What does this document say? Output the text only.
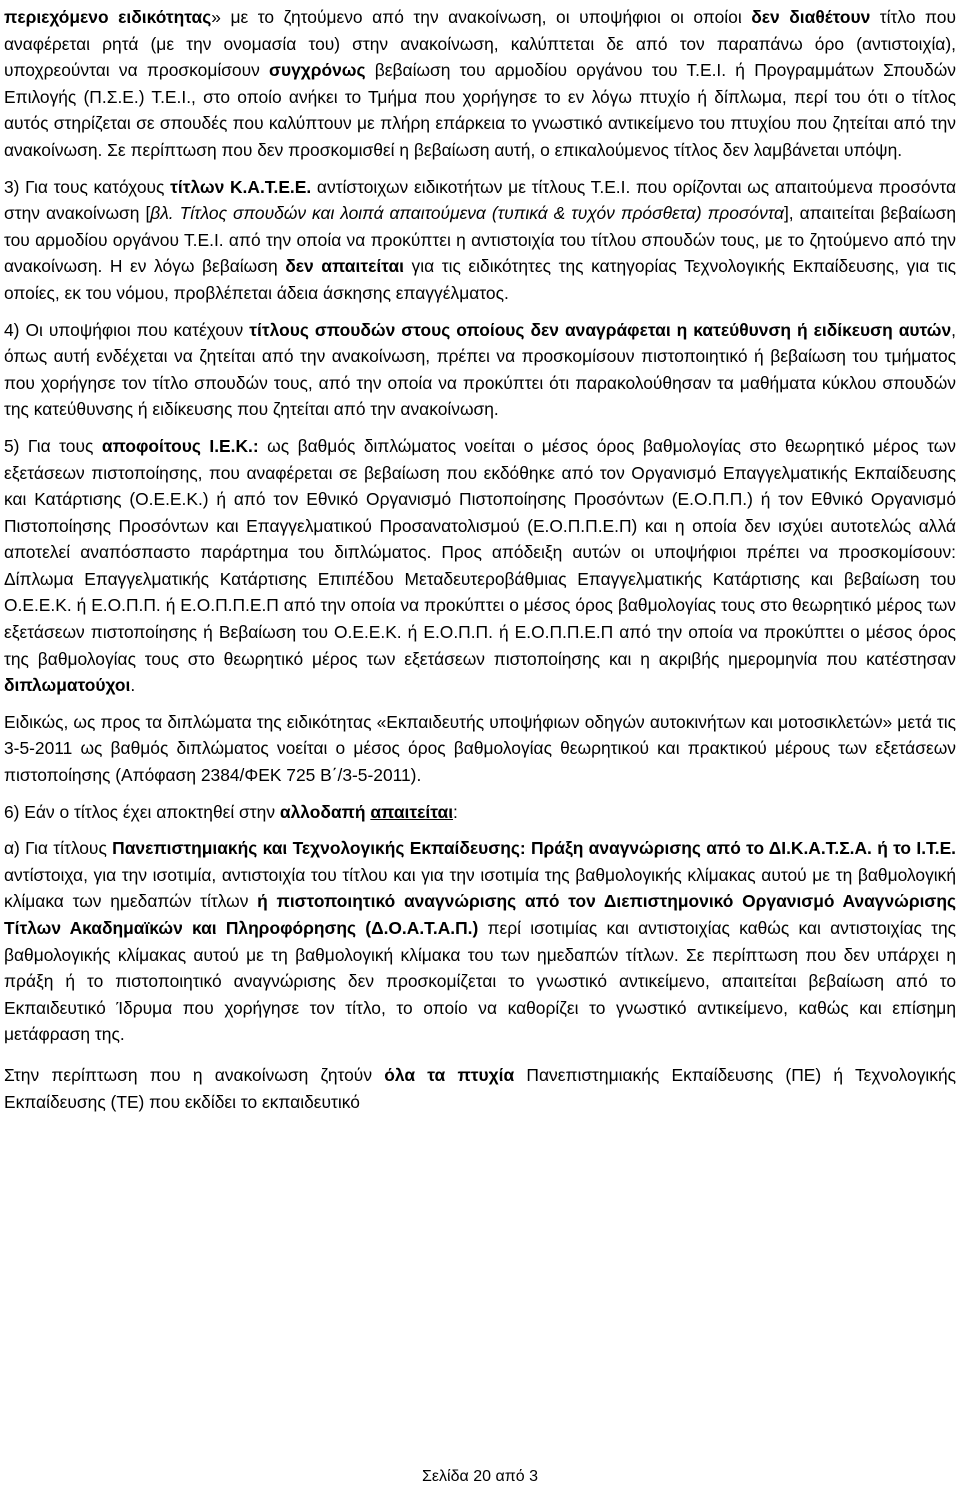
περιεχόμενο ειδικότητας» με το ζητούμενο από την ανακοίνωση, οι υποψήφιοι οι οποίοι δεν διαθέτουν τίτλο που αναφέρεται ρητά (με την ονομασία του) στην ανακοίνωση, καλύπτεται δε από τον παραπάνω όρο (αντιστοιχία), υποχρεούνται να προσκομίσουν συγχρόνως βεβαίωση του αρμοδίου οργάνου του Τ.Ε.Ι. ή Προγραμμάτων Σπουδών Επιλογής (Π.Σ.Ε.) Τ.Ε.Ι., στο οποίο ανήκει το Τμήμα που χορήγησε το εν λόγω πτυχίο ή δίπλωμα, περί του ότι ο τίτλος αυτός στηρίζεται σε σπουδές που καλύπτουν με πλήρη επάρκεια το γνωστικό αντικείμενο του πτυχίου που ζητείται από την ανακοίνωση. Σε περίπτωση που δεν προσκομισθεί η βεβαίωση αυτή, ο επικαλούμενος τίτλος δεν λαμβάνεται υπόψη.

3) Για τους κατόχους τίτλων Κ.Α.Τ.Ε.Ε. αντίστοιχων ειδικοτήτων με τίτλους Τ.Ε.Ι. που ορίζονται ως απαιτούμενα προσόντα στην ανακοίνωση [βλ. Τίτλος σπουδών και λοιπά απαιτούμενα (τυπικά & τυχόν πρόσθετα) προσόντα], απαιτείται βεβαίωση του αρμοδίου οργάνου Τ.Ε.Ι. από την οποία να προκύπτει η αντιστοιχία του τίτλου σπουδών τους, με το ζητούμενο από την ανακοίνωση. Η εν λόγω βεβαίωση δεν απαιτείται για τις ειδικότητες της κατηγορίας Τεχνολογικής Εκπαίδευσης, για τις οποίες, εκ του νόμου, προβλέπεται άδεια άσκησης επαγγέλματος.

4) Οι υποψήφιοι που κατέχουν τίτλους σπουδών στους οποίους δεν αναγράφεται η κατεύθυνση ή ειδίκευση αυτών, όπως αυτή ενδέχεται να ζητείται από την ανακοίνωση, πρέπει να προσκομίσουν πιστοποιητικό ή βεβαίωση του τμήματος που χορήγησε τον τίτλο σπουδών τους, από την οποία να προκύπτει ότι παρακολούθησαν τα μαθήματα κύκλου σπουδών της κατεύθυνσης ή ειδίκευσης που ζητείται από την ανακοίνωση.

5) Για τους αποφοίτους Ι.Ε.Κ.: ως βαθμός διπλώματος νοείται ο μέσος όρος βαθμολογίας στο θεωρητικό μέρος των εξετάσεων πιστοποίησης, που αναφέρεται σε βεβαίωση που εκδόθηκε από τον Οργανισμό Επαγγελματικής Εκπαίδευσης και Κατάρτισης (Ο.Ε.Ε.Κ.) ή από τον Εθνικό Οργανισμό Πιστοποίησης Προσόντων (Ε.Ο.Π.Π.) ή τον Εθνικό Οργανισμό Πιστοποίησης Προσόντων και Επαγγελματικού Προσανατολισμού (Ε.Ο.Π.Π.Ε.Π) και η οποία δεν ισχύει αυτοτελώς αλλά αποτελεί αναπόσπαστο παράρτημα του διπλώματος. Προς απόδειξη αυτών οι υποψήφιοι πρέπει να προσκομίσουν: Δίπλωμα Επαγγελματικής Κατάρτισης Επιπέδου Μεταδευτεροβάθμιας Επαγγελματικής Κατάρτισης και βεβαίωση του Ο.Ε.Ε.Κ. ή Ε.Ο.Π.Π. ή Ε.Ο.Π.Π.Ε.Π από την οποία να προκύπτει ο μέσος όρος βαθμολογίας τους στο θεωρητικό μέρος των εξετάσεων πιστοποίησης ή Βεβαίωση του Ο.Ε.Ε.Κ. ή Ε.Ο.Π.Π. ή Ε.Ο.Π.Π.Ε.Π από την οποία να προκύπτει ο μέσος όρος της βαθμολογίας τους στο θεωρητικό μέρος των εξετάσεων πιστοποίησης και η ακριβής ημερομηνία που κατέστησαν διπλωματούχοι.

Ειδικώς, ως προς τα διπλώματα της ειδικότητας «Εκπαιδευτής υποψήφιων οδηγών αυτοκινήτων και μοτοσικλετών» μετά τις 3-5-2011 ως βαθμός διπλώματος νοείται ο μέσος όρος βαθμολογίας θεωρητικού και πρακτικού μέρους των εξετάσεων πιστοποίησης (Απόφαση 2384/ΦΕΚ 725 Β΄/3-5-2011).

6) Εάν ο τίτλος έχει αποκτηθεί στην αλλοδαπή απαιτείται:

α) Για τίτλους Πανεπιστημιακής και Τεχνολογικής Εκπαίδευσης: Πράξη αναγνώρισης από το ΔΙ.Κ.Α.Τ.Σ.Α. ή το Ι.Τ.Ε. αντίστοιχα, για την ισοτιμία, αντιστοιχία του τίτλου και για την ισοτιμία της βαθμολογικής κλίμακας αυτού με τη βαθμολογική κλίμακα των ημεδαπών τίτλων ή πιστοποιητικό αναγνώρισης από τον Διεπιστημονικό Οργανισμό Αναγνώρισης Τίτλων Ακαδημαϊκών και Πληροφόρησης (Δ.Ο.Α.Τ.Α.Π.) περί ισοτιμίας και αντιστοιχίας καθώς και αντιστοιχίας της βαθμολογικής κλίμακας αυτού με τη βαθμολογική κλίμακα του των ημεδαπών τίτλων. Σε περίπτωση που δεν υπάρχει η πράξη ή το πιστοποιητικό αναγνώρισης δεν προσκομίζεται το γνωστικό αντικείμενο, απαιτείται βεβαίωση από το Εκπαιδευτικό Ίδρυμα που χορήγησε τον τίτλο, το οποίο να καθορίζει το γνωστικό αντικείμενο, καθώς και επίσημη μετάφραση της.

Στην περίπτωση που η ανακοίνωση ζητούν όλα τα πτυχία Πανεπιστημιακής Εκπαίδευσης (ΠΕ) ή Τεχνολογικής Εκπαίδευσης (ΤΕ) που εκδίδει το εκπαιδευτικό

Σελίδα 20 από 3
